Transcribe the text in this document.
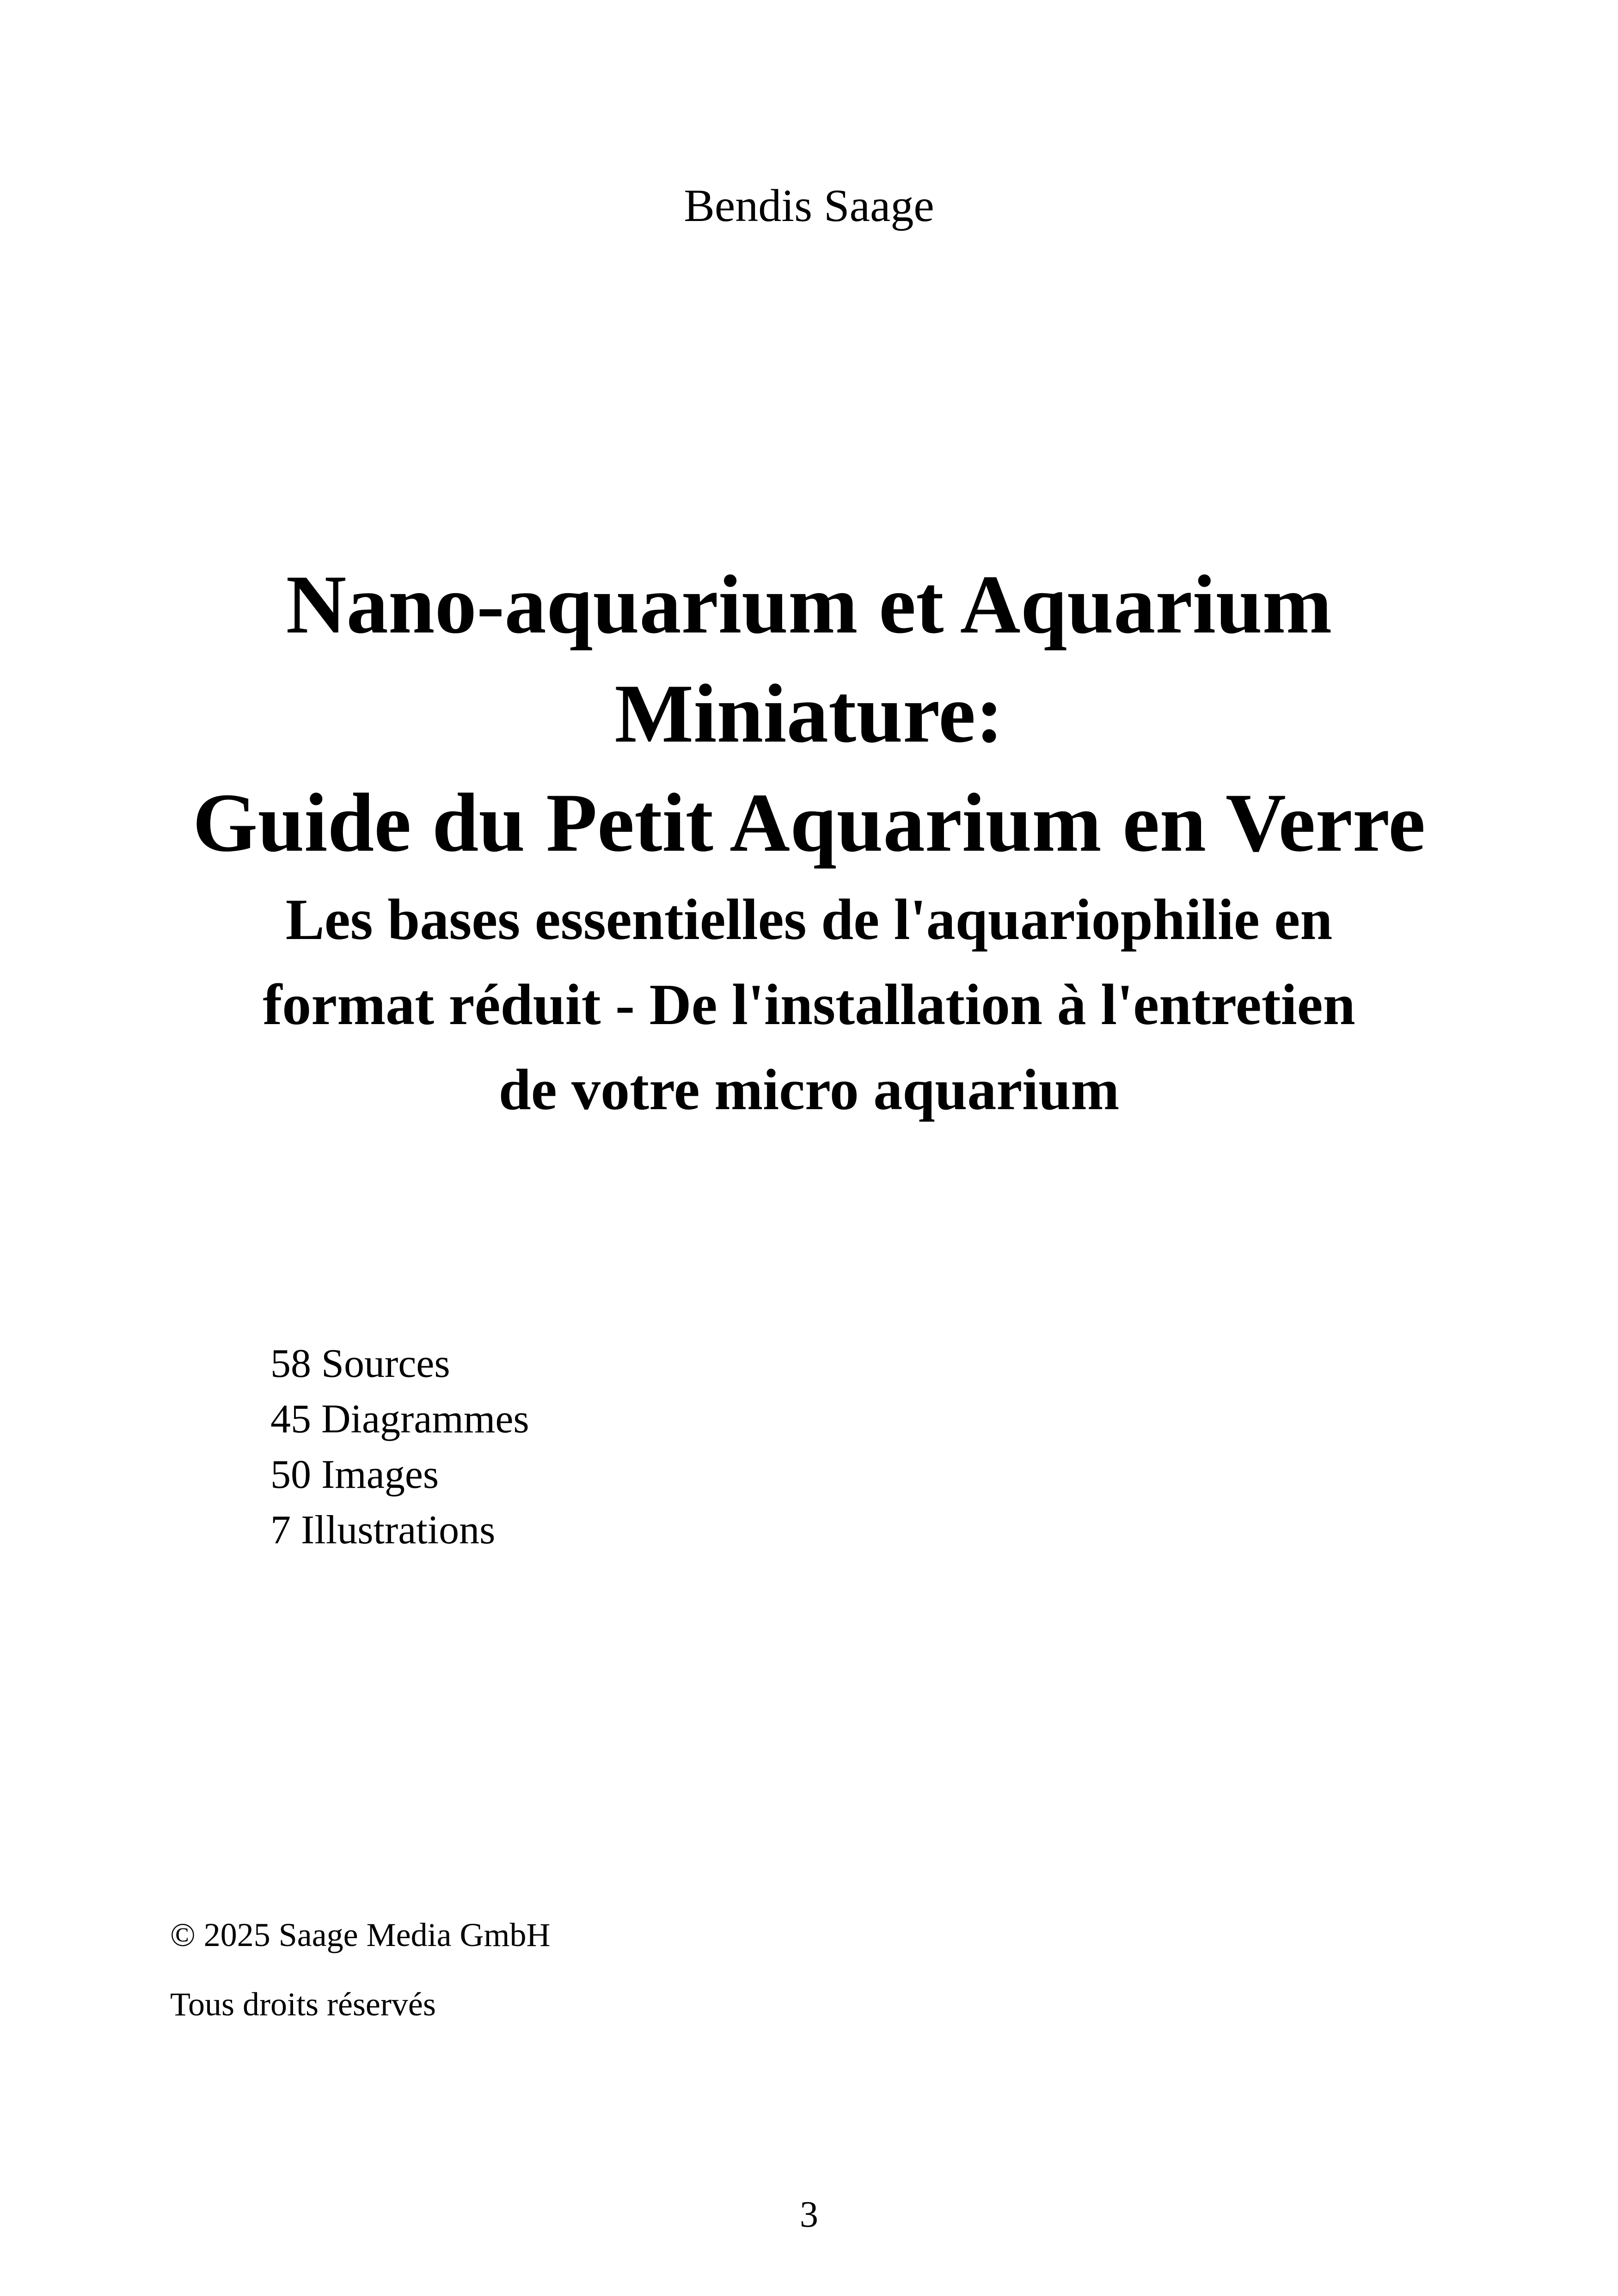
Bendis Saage
Nano-aquarium et Aquarium
Miniature:
Guide du Petit Aquarium en Verre
Les bases essentielles de l'aquariophilie en
format réduit - De l'installation à l'entretien
de votre micro aquarium
58 Sources
45 Diagrammes
50 Images
7 Illustrations
© 2025 Saage Media GmbH
Tous droits réservés
3
